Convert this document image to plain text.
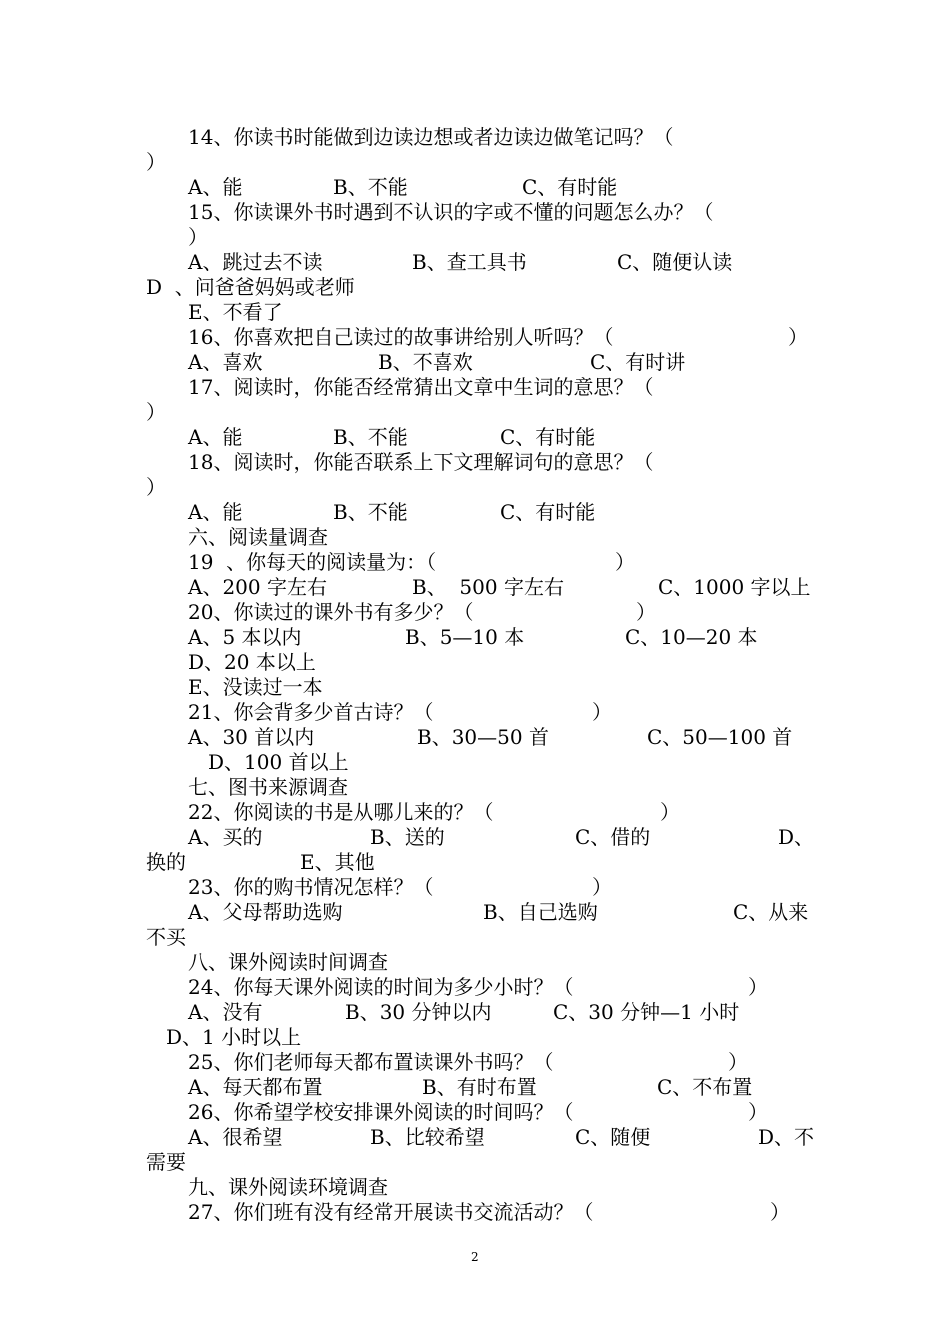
14、你读书时能做到边读边想或者边读边做笔记吗？（
）
A、能	B、不能	C、有时能
15、你读课外书时遇到不认识的字或不懂的问题怎么办？（
）
A、跳过去不读	B、查工具书	C、随便认读
D  、问爸爸妈妈或老师
E、不看了
16、你喜欢把自己读过的故事讲给别人听吗？（	）
A、喜欢	B、不喜欢	C、有时讲
17、阅读时，你能否经常猜出文章中生词的意思？（
）
A、能	B、不能	C、有时能
18、阅读时，你能否联系上下文理解词句的意思？（
）
A、能	B、不能	C、有时能
六、阅读量调查
19  、你每天的阅读量为：（	）
A、200 字左右	B、  500 字左右	C、1000 字以上
20、你读过的课外书有多少？（	）
A、5 本以内	B、5—10 本	C、10—20 本
D、20 本以上
E、没读过一本
21、你会背多少首古诗？（	）
A、30 首以内	B、30—50 首	C、50—100 首
D、100 首以上
七、图书来源调查
22、你阅读的书是从哪儿来的？（	）
A、买的	B、送的	C、借的	D、
换的	E、其他
23、你的购书情况怎样？（	）
A、父母帮助选购	B、自己选购	C、从来
不买
八、课外阅读时间调查
24、你每天课外阅读的时间为多少小时？（	）
A、没有	B、30 分钟以内	C、30 分钟—1 小时
D、1 小时以上
25、你们老师每天都布置读课外书吗？（	）
A、每天都布置	B、有时布置	C、不布置
26、你希望学校安排课外阅读的时间吗？（	）
A、很希望	B、比较希望	C、随便	D、不
需要
九、课外阅读环境调查
27、你们班有没有经常开展读书交流活动？（	）
2
